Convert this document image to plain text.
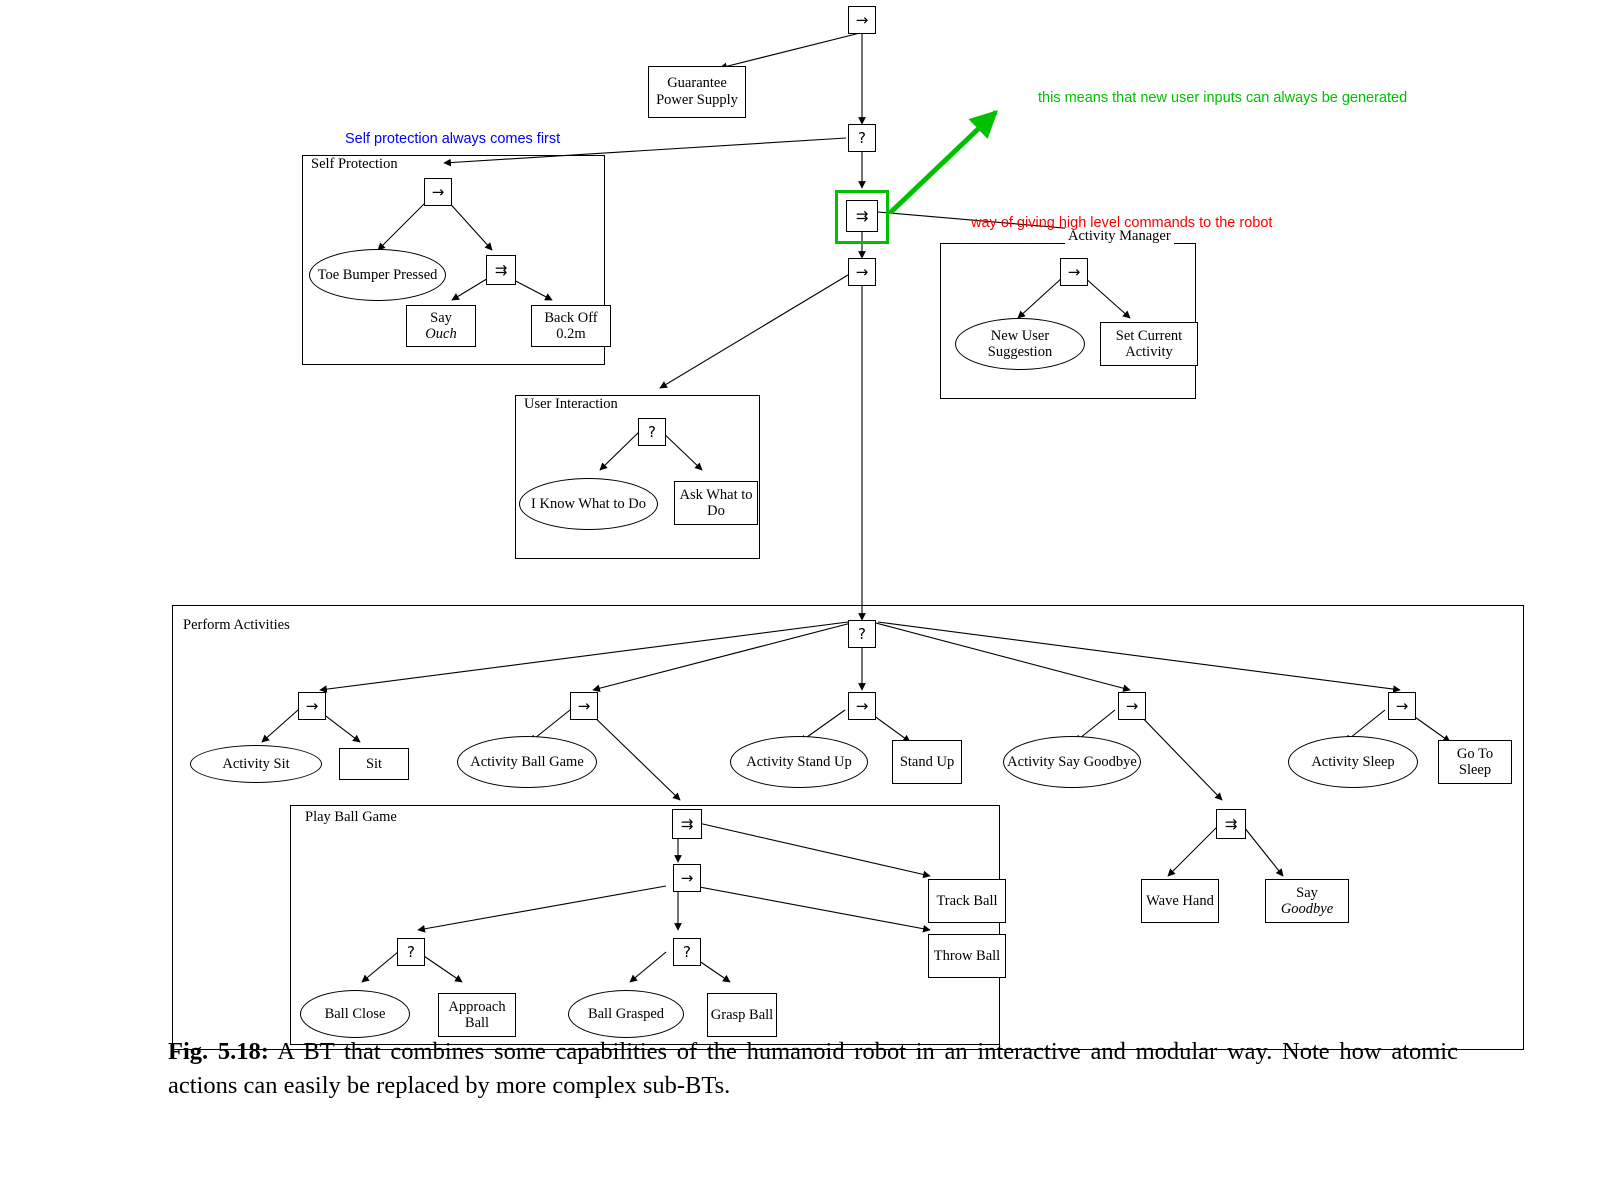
Self Protection
Activity Manager
User Interaction
Perform Activities
Play Ball Game
Self protection always comes first
this means that new user inputs can always be generated
way of giving high level commands to the robot
→
Guarantee Power Supply
?
⇉
→
→
Toe Bumper Pressed	⇉
Say
Ouch
Back Off
0.2m
→
New User Suggestion
Set Current Activity
?
I Know What to Do
Ask What to Do
?
→
Activity Sit	Sit
→
Activity Ball Game
→
Activity Stand Up	Stand Up
→
Activity Say Goodbye
→
Activity Sleep
Go To Sleep
⇉
Wave Hand
Say
Goodbye
⇉
→
Track Ball
Throw Ball
?
Ball Close	Approach Ball
?
Ball Grasped	Grasp Ball
Fig. 5.18: A BT that combines some capabilities of the humanoid robot in an interactive and modular way. Note how atomic actions can easily be replaced by more complex sub-BTs.
